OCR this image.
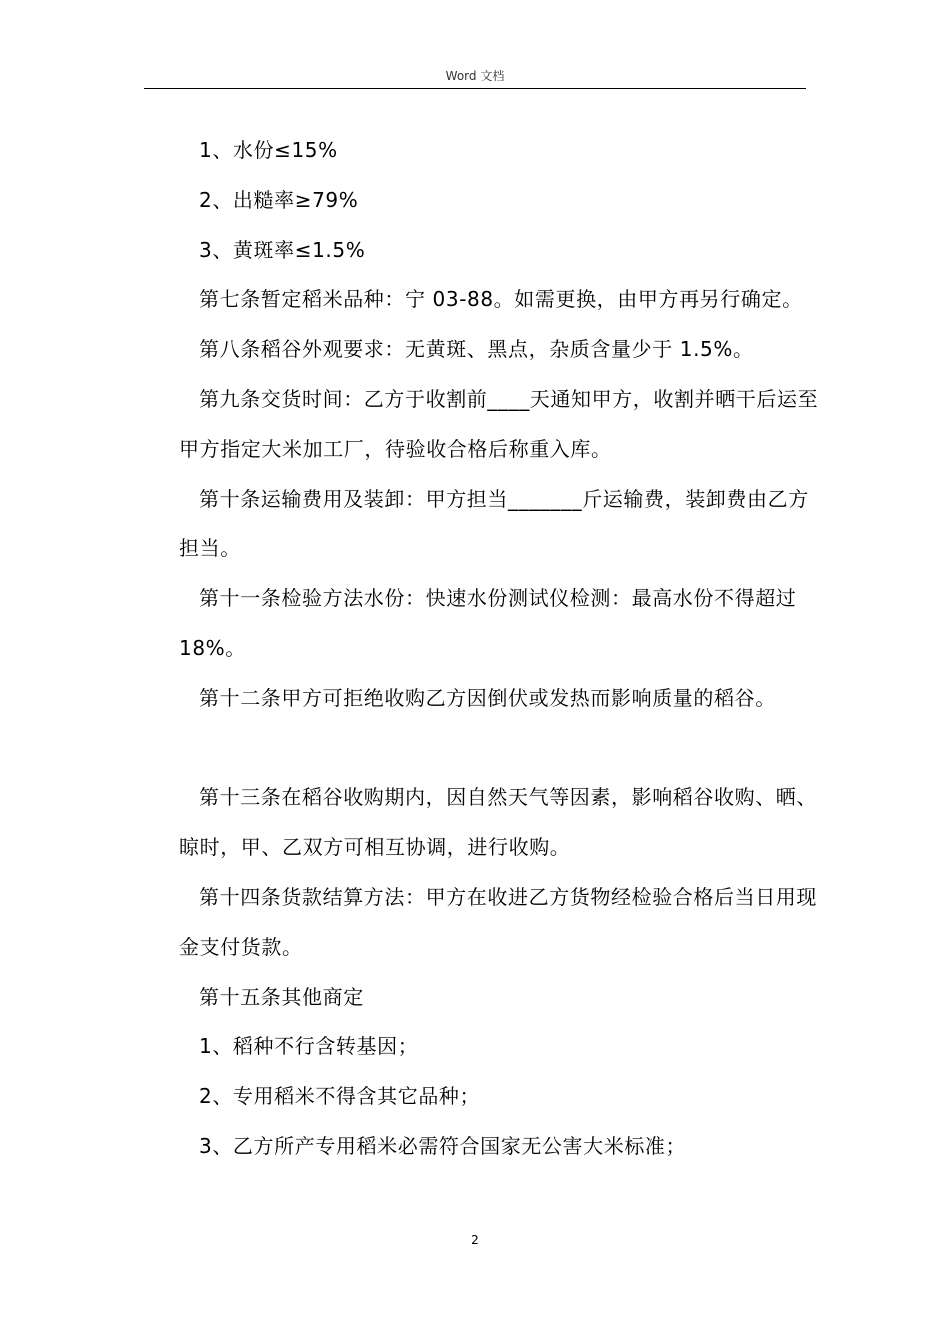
Word 文档

1、水份≤15%

2、出糙率≥79%

3、黄斑率≤1.5%

第七条暂定稻米品种：宁 03-88。如需更换，由甲方再另行确定。

第八条稻谷外观要求：无黄斑、黑点，杂质含量少于 1.5%。

第九条交货时间：乙方于收割前____天通知甲方，收割并晒干后运至甲方指定大米加工厂，待验收合格后称重入库。

第十条运输费用及装卸：甲方担当_______斤运输费，装卸费由乙方担当。

第十一条检验方法水份：快速水份测试仪检测：最高水份不得超过 18%。

第十二条甲方可拒绝收购乙方因倒伏或发热而影响质量的稻谷。

第十三条在稻谷收购期内，因自然天气等因素，影响稻谷收购、晒、晾时，甲、乙双方可相互协调，进行收购。

第十四条货款结算方法：甲方在收进乙方货物经检验合格后当日用现金支付货款。

第十五条其他商定

1、稻种不行含转基因；

2、专用稻米不得含其它品种；

3、乙方所产专用稻米必需符合国家无公害大米标准；

2
